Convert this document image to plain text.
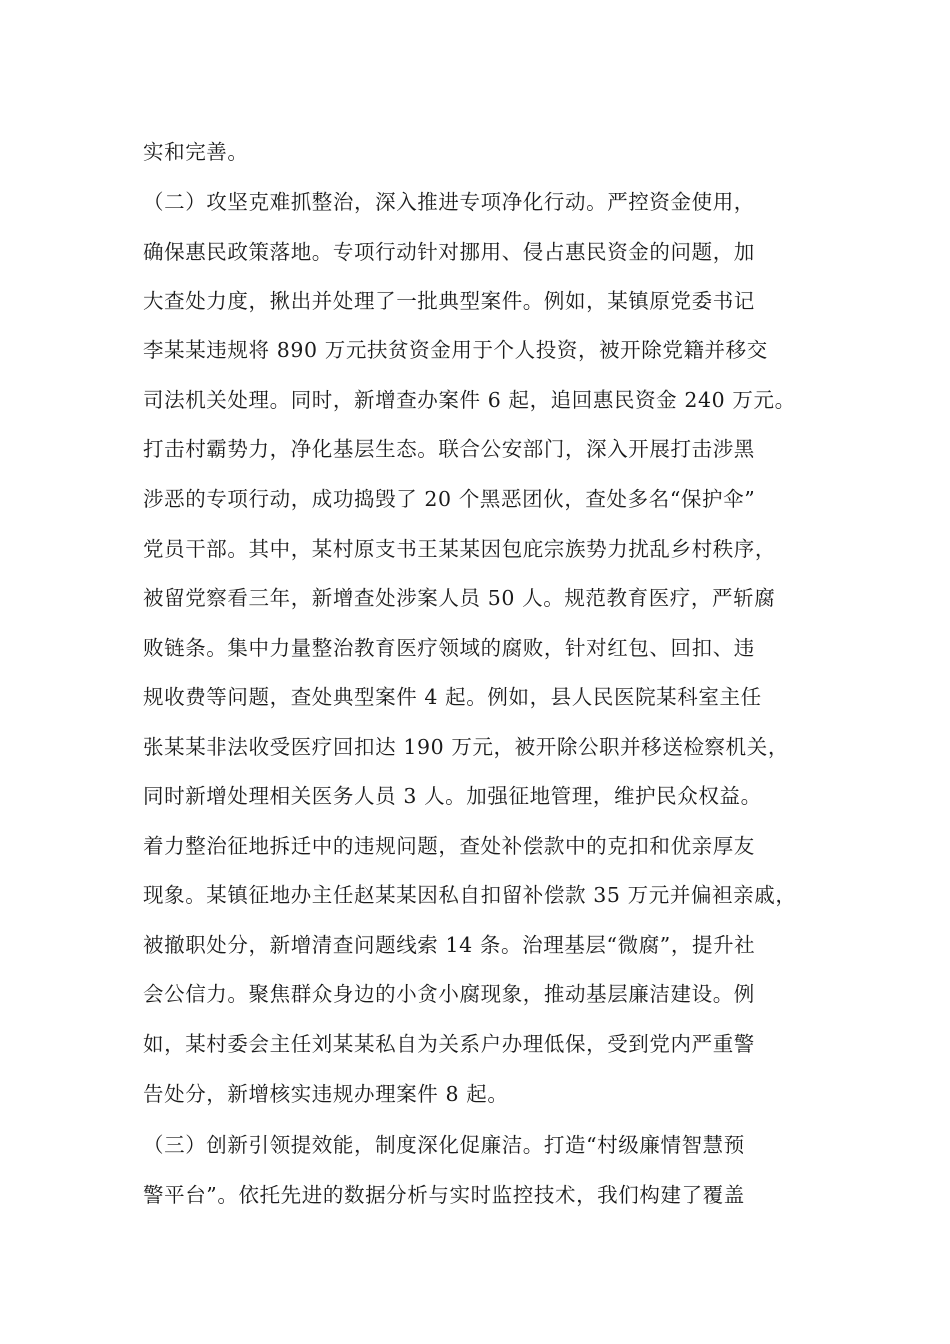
实和完善。
（二）攻坚克难抓整治，深入推进专项净化行动。严控资金使用，
确保惠民政策落地。专项行动针对挪用、侵占惠民资金的问题，加
大查处力度，揪出并处理了一批典型案件。例如，某镇原党委书记
李某某违规将 890 万元扶贫资金用于个人投资，被开除党籍并移交
司法机关处理。同时，新增查办案件 6 起，追回惠民资金 240 万元。
打击村霸势力，净化基层生态。联合公安部门，深入开展打击涉黑
涉恶的专项行动，成功捣毁了 20 个黑恶团伙，查处多名“保护伞”
党员干部。其中，某村原支书王某某因包庇宗族势力扰乱乡村秩序，
被留党察看三年，新增查处涉案人员 50 人。规范教育医疗，严斩腐
败链条。集中力量整治教育医疗领域的腐败，针对红包、回扣、违
规收费等问题，查处典型案件 4 起。例如，县人民医院某科室主任
张某某非法收受医疗回扣达 190 万元，被开除公职并移送检察机关，
同时新增处理相关医务人员 3 人。加强征地管理，维护民众权益。
着力整治征地拆迁中的违规问题，查处补偿款中的克扣和优亲厚友
现象。某镇征地办主任赵某某因私自扣留补偿款 35 万元并偏袒亲戚，
被撤职处分，新增清查问题线索 14 条。治理基层“微腐”，提升社
会公信力。聚焦群众身边的小贪小腐现象，推动基层廉洁建设。例
如，某村委会主任刘某某私自为关系户办理低保，受到党内严重警
告处分，新增核实违规办理案件 8 起。
（三）创新引领提效能，制度深化促廉洁。打造“村级廉情智慧预
警平台”。依托先进的数据分析与实时监控技术，我们构建了覆盖
